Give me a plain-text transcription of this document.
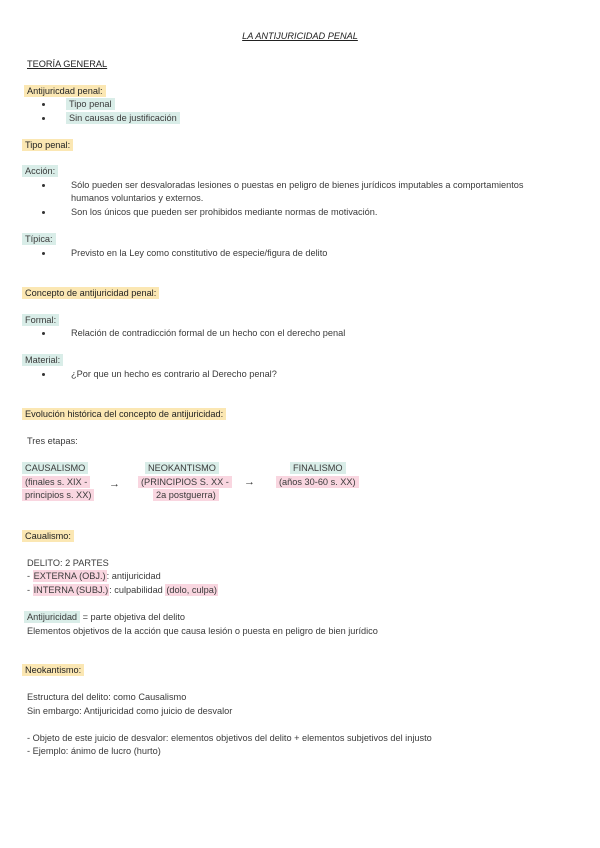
LA ANTIJURICIDAD PENAL
TEORÍA GENERAL
Antijuricdad penal:
Tipo penal
Sin causas de justificación
Tipo penal:
Acción:
Sólo pueden ser desvaloradas lesiones o puestas en peligro de bienes jurídicos imputables a comportamientos
humanos voluntarios y externos.
Son los únicos que pueden ser prohibidos mediante normas de motivación.
Típica:
Previsto en la Ley como constitutivo de especie/figura de delito
Concepto de antijuricidad penal:
Formal:
Relación de contradicción formal de un hecho con el derecho penal
Material:
¿Por que un hecho es contrario al Derecho penal?
Evolución histórica del concepto de antijuricidad:
Tres etapas:
CAUSALISMO
(finales s. XIX -
principios s. XX)
→
NEOKANTISMO
(PRINCIPIOS S. XX -
2a postguerra)
→
FINALISMO
(años 30-60 s. XX)
Caualismo:
DELITO: 2 PARTES
- EXTERNA (OBJ.): antijuricidad
- INTERNA (SUBJ.): culpabilidad (dolo, culpa)
Antijuricidad = parte objetiva del delito
Elementos objetivos de la acción que causa lesión o puesta en peligro de bien jurídico
Neokantismo:
Estructura del delito: como Causalismo
Sin embargo: Antijuricidad como juicio de desvalor
- Objeto de este juicio de desvalor: elementos objetivos del delito + elementos subjetivos del injusto
- Ejemplo: ánimo de lucro (hurto)
